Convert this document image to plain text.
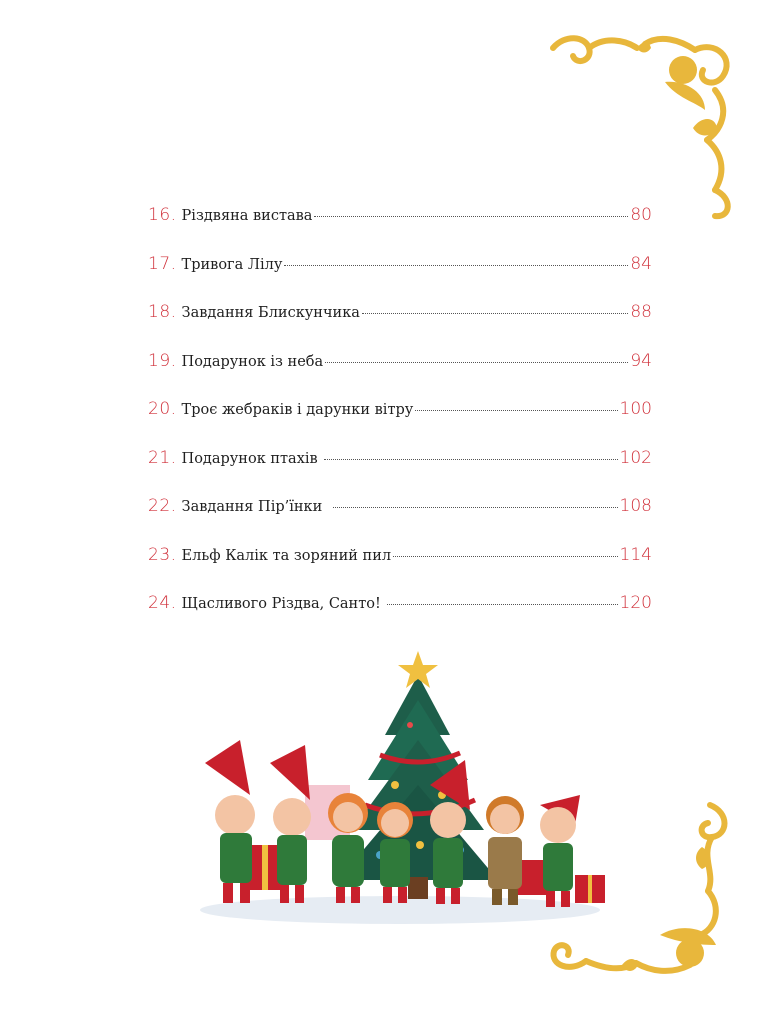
16. Різдвяна вистава	80
17. Тривога Лілу	84
18. Завдання Блискунчика	88
19. Подарунок із неба	94
20. Троє жебраків і дарунки вітру	100
21. Подарунок птахів	102
22. Завдання Пір’їнки	108
23. Ельф Калік та зоряний пил	114
24. Щасливого Різдва, Санто!	120
